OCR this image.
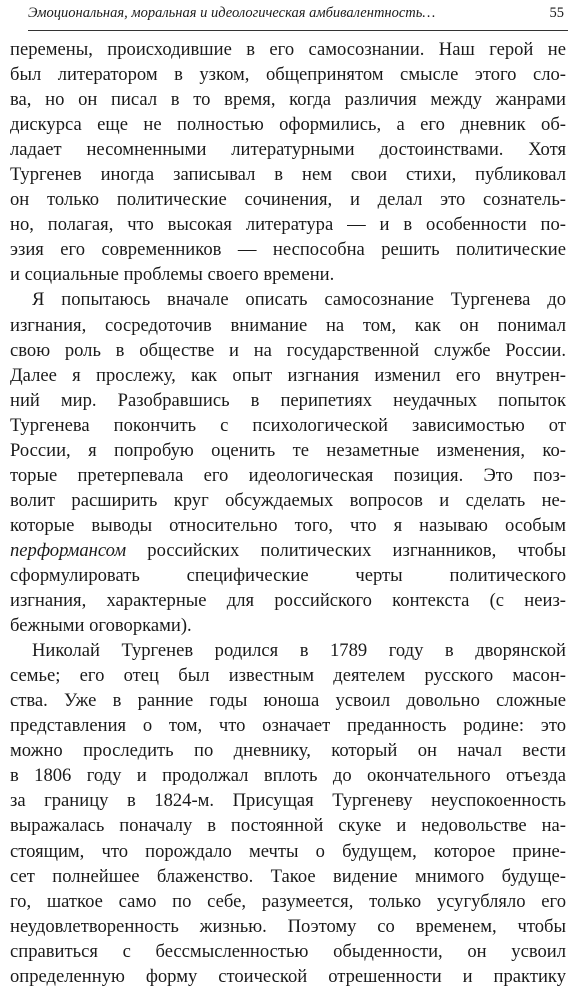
Эмоциональная, моральная и идеологическая амбивалентность…	55
перемены, происходившие в его самосознании. Наш герой не
был литератором в узком, общепринятом смысле этого сло-
ва, но он писал в то время, когда различия между жанрами
дискурса еще не полностью оформились, а его дневник об-
ладает несомненными литературными достоинствами. Хотя
Тургенев иногда записывал в нем свои стихи, публиковал
он только политические сочинения, и делал это сознатель-
но, полагая, что высокая литература — и в особенности по-
эзия его современников — неспособна решить политические
и социальные проблемы своего времени.
Я попытаюсь вначале описать самосознание Тургенева до
изгнания, сосредоточив внимание на том, как он понимал
свою роль в обществе и на государственной службе России.
Далее я прослежу, как опыт изгнания изменил его внутрен-
ний мир. Разобравшись в перипетиях неудачных попыток
Тургенева покончить с психологической зависимостью от
России, я попробую оценить те незаметные изменения, ко-
торые претерпевала его идеологическая позиция. Это поз-
волит расширить круг обсуждаемых вопросов и сделать не-
которые выводы относительно того, что я называю особым
перформансом российских политических изгнанников, чтобы
сформулировать специфические черты политического
изгнания, характерные для российского контекста (с неиз-
бежными оговорками).
Николай Тургенев родился в 1789 году в дворянской
семье; его отец был известным деятелем русского масон-
ства. Уже в ранние годы юноша усвоил довольно сложные
представления о том, что означает преданность родине: это
можно проследить по дневнику, который он начал вести
в 1806 году и продолжал вплоть до окончательного отъезда
за границу в 1824-м. Присущая Тургеневу неуспокоенность
выражалась поначалу в постоянной скуке и недовольстве на-
стоящим, что порождало мечты о будущем, которое прине-
сет полнейшее блаженство. Такое видение мнимого будуще-
го, шаткое само по себе, разумеется, только усугубляло его
неудовлетворенность жизнью. Поэтому со временем, чтобы
справиться с бессмысленностью обыденности, он усвоил
определенную форму стоической отрешенности и практику
